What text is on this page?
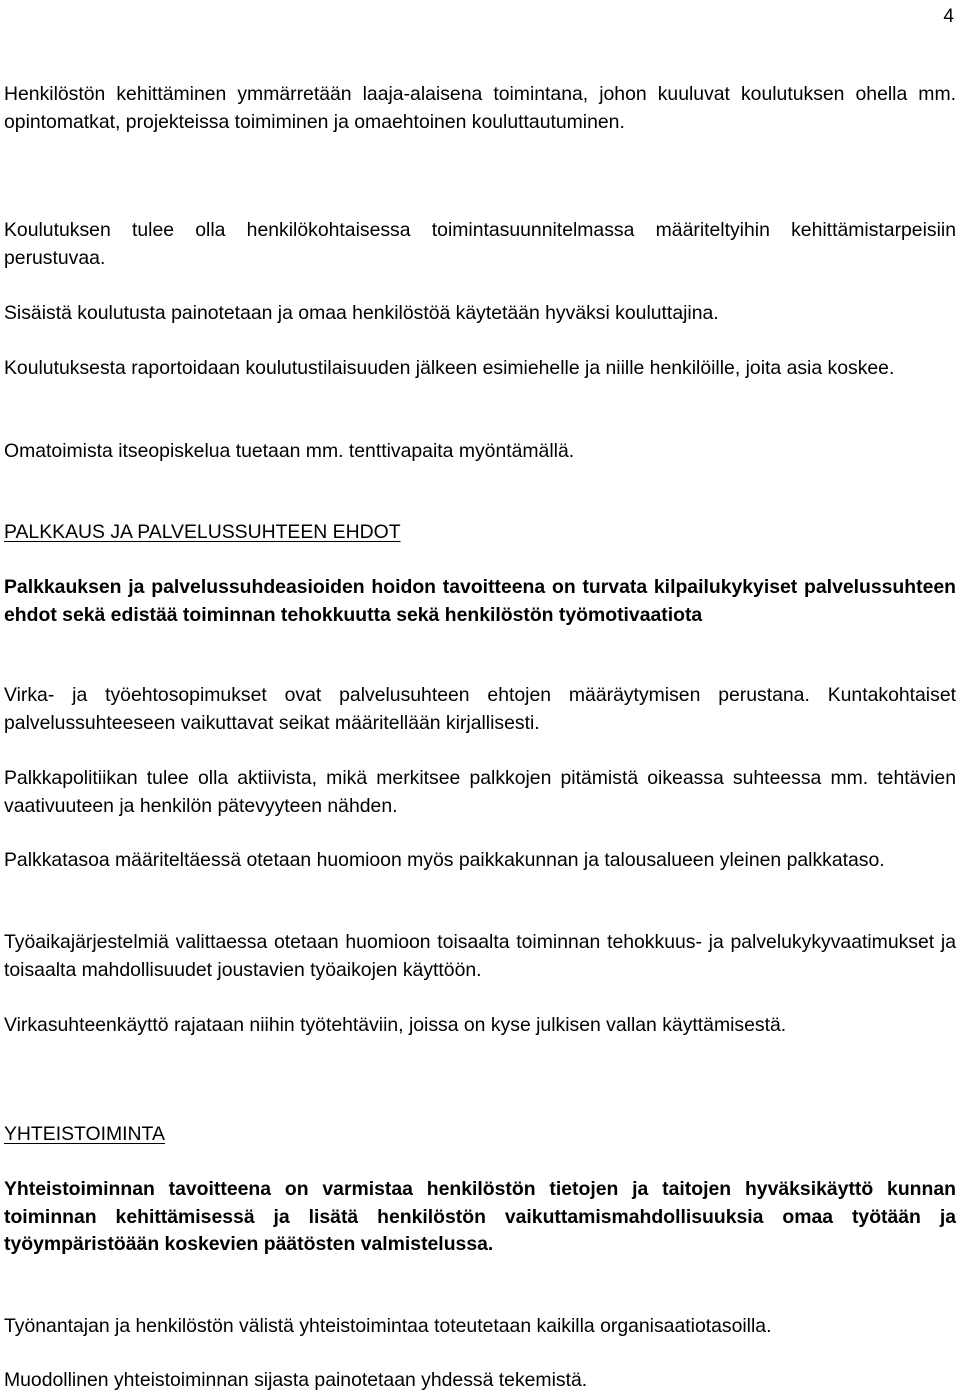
4

Henkilöstön kehittäminen ymmärretään laaja-alaisena toimintana, johon kuuluvat koulutuksen ohella mm. opintomatkat, projekteissa toimiminen ja omaehtoinen kouluttautuminen.

Koulutuksen tulee olla henkilökohtaisessa toimintasuunnitelmassa määriteltyihin kehittämistarpeisiin perustuvaa.

Sisäistä koulutusta painotetaan ja omaa henkilöstöä käytetään hyväksi kouluttajina.

Koulutuksesta raportoidaan koulutustilaisuuden jälkeen esimiehelle ja niille henkilöille, joita asia koskee.

Omatoimista itseopiskelua tuetaan mm. tenttivapaita myöntämällä.

PALKKAUS JA PALVELUSSUHTEEN EHDOT

Palkkauksen ja palvelussuhdeasioiden hoidon tavoitteena on turvata kilpailukykyiset palvelussuhteen ehdot sekä edistää toiminnan tehokkuutta sekä henkilöstön työmotivaatiota

Virka- ja työehtosopimukset ovat palvelusuhteen ehtojen määräytymisen perustana. Kuntakohtaiset palvelussuhteeseen vaikuttavat seikat määritellään kirjallisesti.

Palkkapolitiikan tulee olla aktiivista, mikä merkitsee palkkojen pitämistä oikeassa suhteessa mm. tehtävien vaativuuteen ja henkilön pätevyyteen nähden.

Palkkatasoa määriteltäessä otetaan huomioon myös paikkakunnan ja talousalueen yleinen palkkataso.

Työaikajärjestelmiä valittaessa otetaan huomioon toisaalta toiminnan tehokkuus- ja palvelukykyvaatimukset ja toisaalta mahdollisuudet joustavien työaikojen käyttöön.

Virkasuhteenkäyttö rajataan niihin työtehtäviin, joissa on kyse julkisen vallan käyttämisestä.

YHTEISTOIMINTA

Yhteistoiminnan tavoitteena on varmistaa henkilöstön tietojen ja taitojen hyväksikäyttö kunnan toiminnan kehittämisessä ja lisätä henkilöstön vaikuttamismahdollisuuksia omaa työtään ja työympäristöään koskevien päätösten valmistelussa.

Työnantajan ja henkilöstön välistä yhteistoimintaa toteutetaan kaikilla organisaatiotasoilla.

Muodollinen yhteistoiminnan sijasta painotetaan yhdessä tekemistä.
